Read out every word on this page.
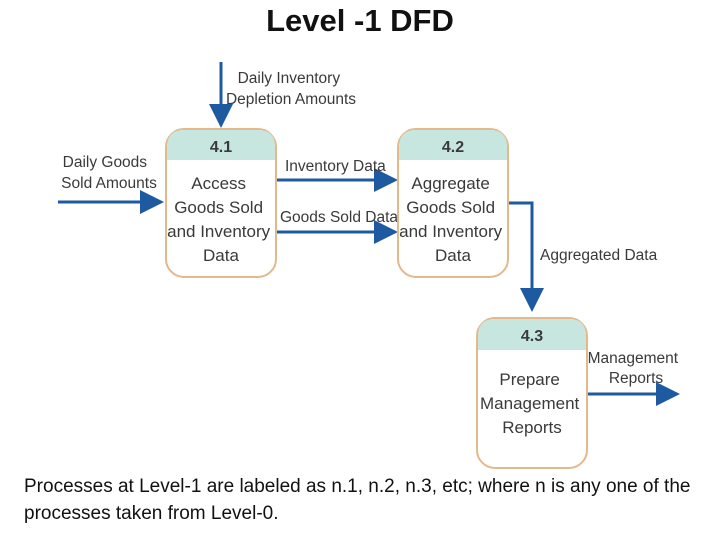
Level -1 DFD
Daily Inventory Depletion Amounts
Daily Goods Sold Amounts
Inventory Data
Goods Sold Data
Aggregated Data
Management Reports
4.1
Access Goods Sold and Inventory Data
4.2
Aggregate Goods Sold and Inventory Data
4.3
Prepare Management Reports
Processes at Level-1 are labeled as n.1, n.2, n.3, etc; where n is any one of the processes taken from Level-0.
